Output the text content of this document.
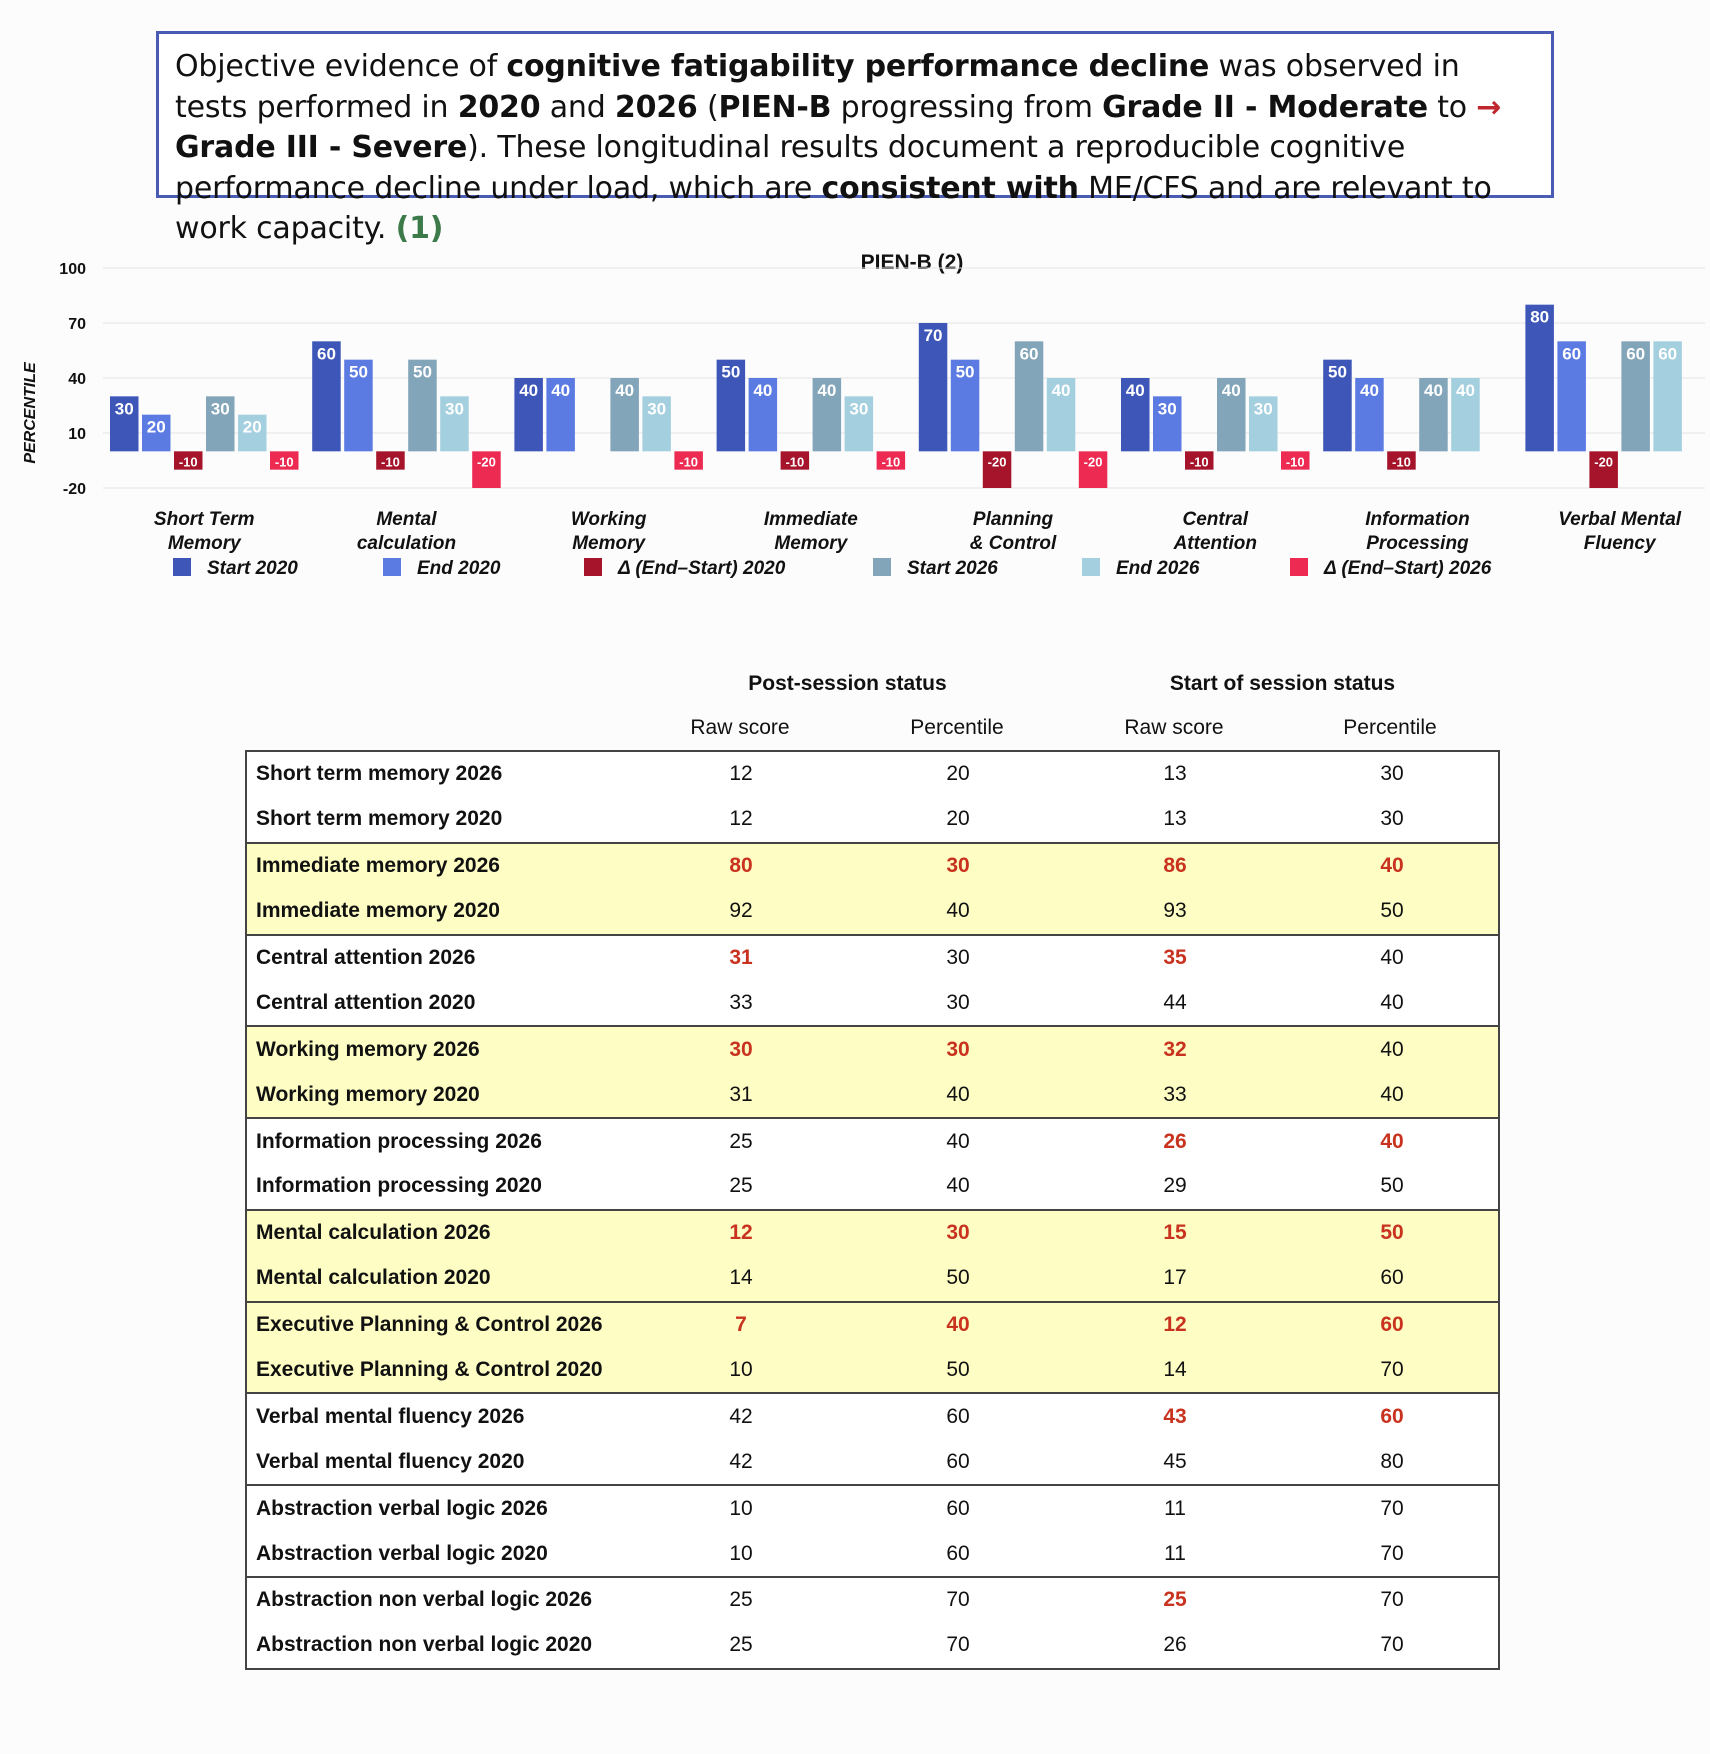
Objective evidence of cognitive fatigability performance decline was observed in tests performed in 2020 and 2026 (PIEN-B progressing from Grade II - Moderate to → Grade III - Severe). These longitudinal results document a reproducible cognitive performance decline under load, which are consistent with ME/CFS and are relevant to work capacity. (1)
PIEN-B (2)
PERCENTILE
-20
10
40
70
100
30
20
-10
30
20
-10
60
50
-10
50
30
-20
40 40	40
30
-10
50
40
-10
40
30
-10
70
50
-20
60
40
-20
40
30
-10
40
30
-10
50
40
-10
40 40
80
60
-20
60 60
Short Term
Memory
Mental
calculation
Working
Memory
Immediate
Memory
Planning
& Control
Central
Attention
Information
Processing
Verbal Mental
Fluency
Start 2020	End 2020	Δ (End–Start) 2020	Start 2026	End 2026	Δ (End–Start) 2026
Post-session status	Start of session status
Raw score	Percentile	Raw score	Percentile
Short term memory 2026	12	20	13	30
Short term memory 2020	12	20	13	30
Immediate memory 2026	80	30	86	40
Immediate memory 2020	92	40	93	50
Central attention 2026	31	30	35	40
Central attention 2020	33	30	44	40
Working memory 2026	30	30	32	40
Working memory 2020	31	40	33	40
Information processing 2026	25	40	26	40
Information processing 2020	25	40	29	50
Mental calculation 2026	12	30	15	50
Mental calculation 2020	14	50	17	60
Executive Planning & Control 2026	7	40	12	60
Executive Planning & Control 2020	10	50	14	70
Verbal mental fluency 2026	42	60	43	60
Verbal mental fluency 2020	42	60	45	80
Abstraction verbal logic 2026	10	60	11	70
Abstraction verbal logic 2020	10	60	11	70
Abstraction non verbal logic 2026	25	70	25	70
Abstraction non verbal logic 2020	25	70	26	70
